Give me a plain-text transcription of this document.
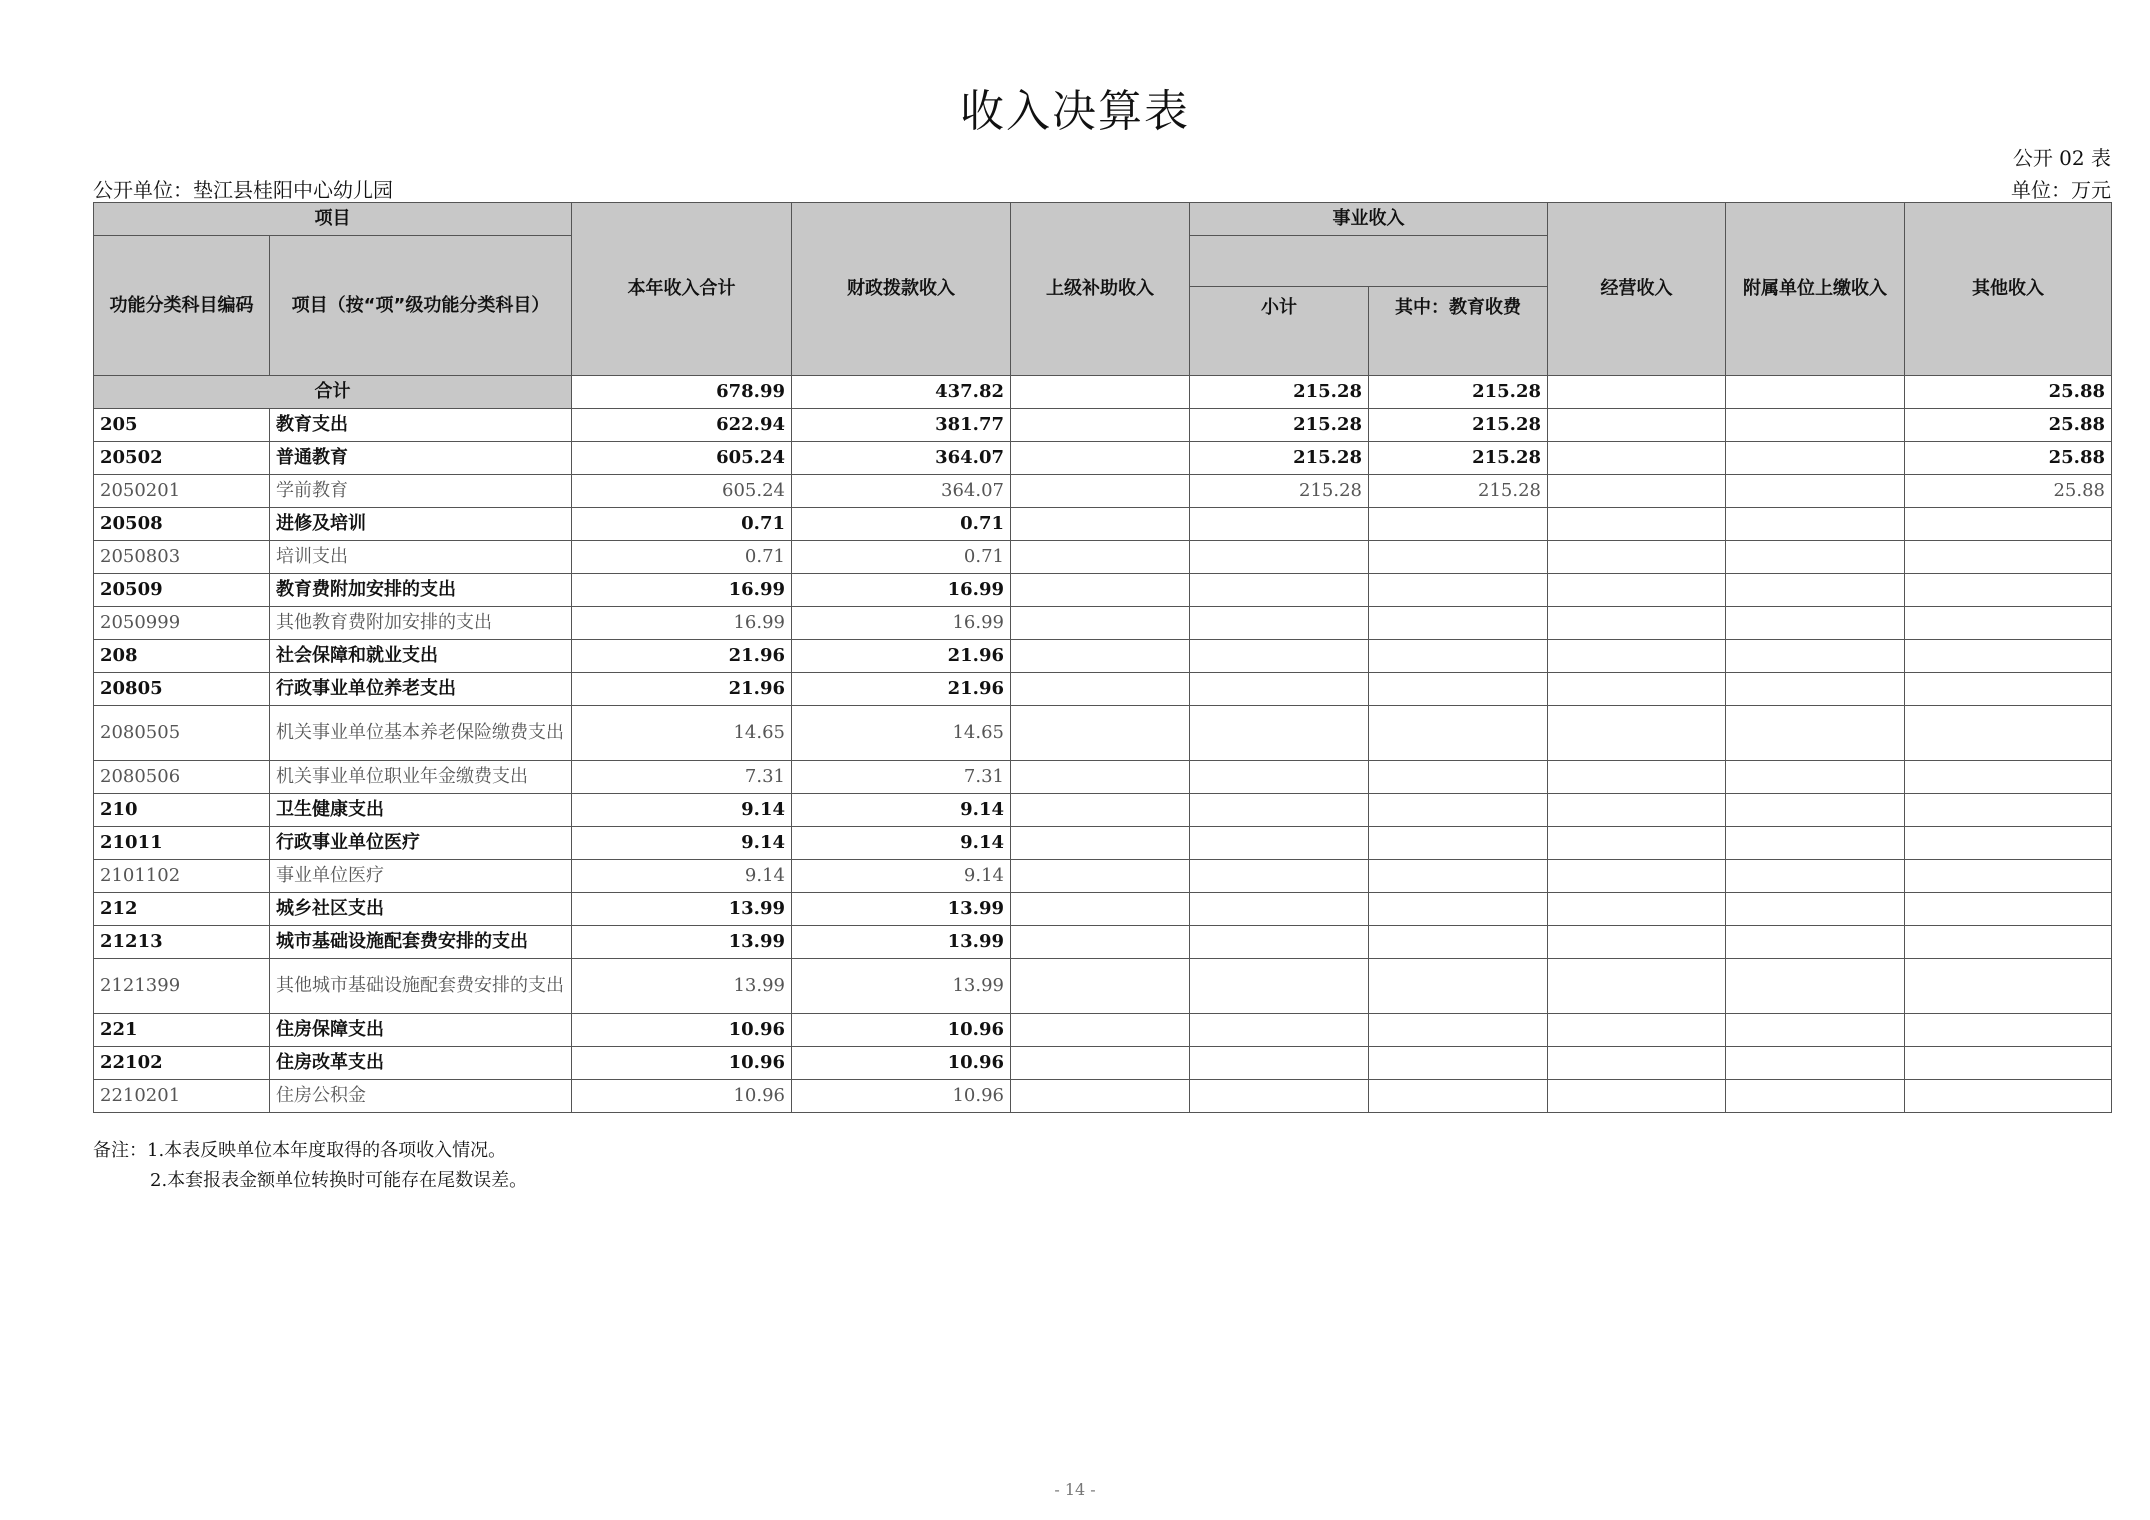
收入决算表
公开 02 表
公开单位：垫江县桂阳中心幼儿园	单位：万元
项目		本年收入合计	财政拨款收入	上级补助收入	事业收入		经营收入	附属单位上缴收入	其他收入
功能分类科目编码	项目（按“项”级功能分类科目）								
					小计	其中：教育收费			
合计		678.99	437.82		215.28	215.28			25.88
205	教育支出	622.94	381.77		215.28	215.28			25.88
20502	普通教育	605.24	364.07		215.28	215.28			25.88
2050201	学前教育	605.24	364.07		215.28	215.28			25.88
20508	进修及培训	0.71	0.71						
2050803	培训支出	0.71	0.71						
20509	教育费附加安排的支出	16.99	16.99						
2050999	其他教育费附加安排的支出	16.99	16.99						
208	社会保障和就业支出	21.96	21.96						
20805	行政事业单位养老支出	21.96	21.96						
2080505	机关事业单位基本养老保险缴费支出	14.65	14.65						
2080506	机关事业单位职业年金缴费支出	7.31	7.31						
210	卫生健康支出	9.14	9.14						
21011	行政事业单位医疗	9.14	9.14						
2101102	事业单位医疗	9.14	9.14						
212	城乡社区支出	13.99	13.99						
21213	城市基础设施配套费安排的支出	13.99	13.99						
2121399	其他城市基础设施配套费安排的支出	13.99	13.99						
221	住房保障支出	10.96	10.96						
22102	住房改革支出	10.96	10.96						
2210201	住房公积金	10.96	10.96						
备注：1.本表反映单位本年度取得的各项收入情况。
2.本套报表金额单位转换时可能存在尾数误差。
- 14 -
